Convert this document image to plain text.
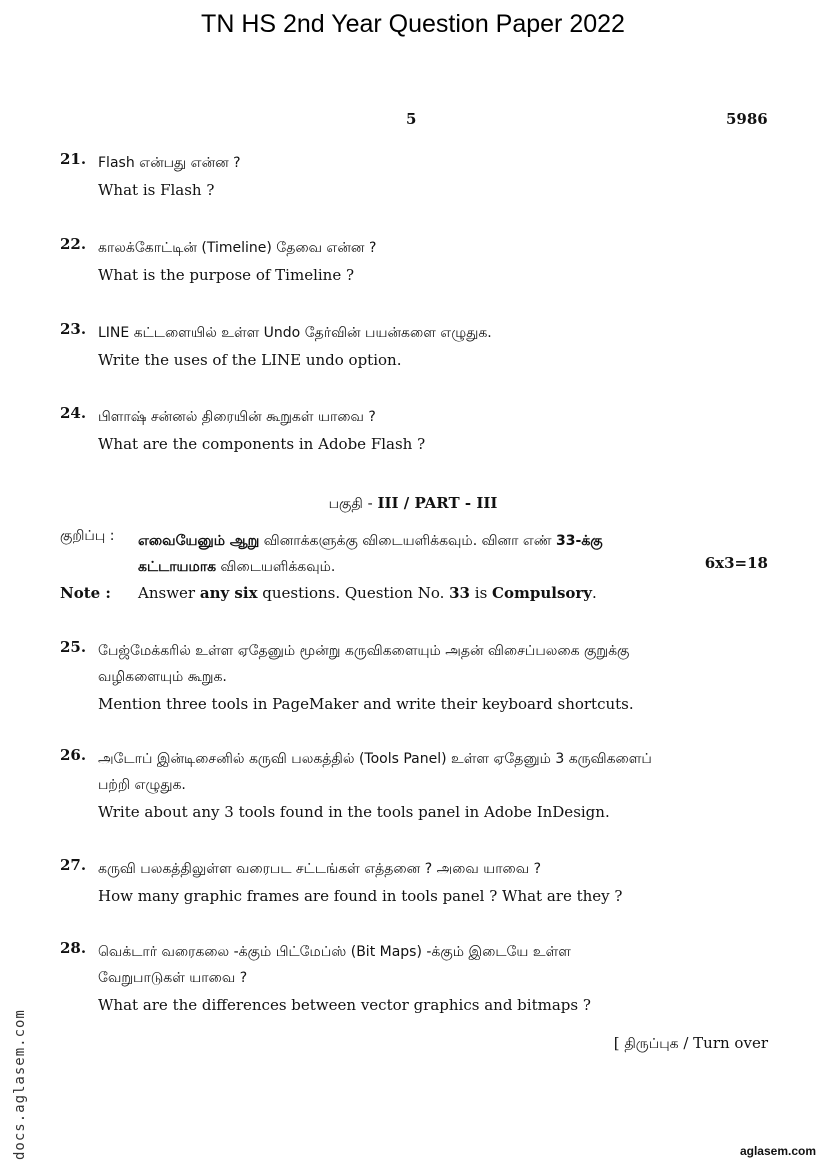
TN HS 2nd Year Question Paper 2022
5	5986
21. Flash என்பது என்ன ?
What is Flash ?
22. காலக்கோட்டின் (Timeline) தேவை என்ன ?
What is the purpose of Timeline ?
23. LINE கட்டளையில் உள்ள Undo தேர்வின் பயன்களை எழுதுக.
Write the uses of the LINE undo option.
24. பிளாஷ் சன்னல் திரையின் கூறுகள் யாவை ?
What are the components in Adobe Flash ?
பகுதி - III / PART - III
குறிப்பு : எவையேனும் ஆறு வினாக்களுக்கு விடையளிக்கவும். வினா எண் 33-க்கு
கட்டாயமாக விடையளிக்கவும்.	6x3=18
Note : Answer any six questions. Question No. 33 is Compulsory.
25. பேஜ்மேக்கரில் உள்ள ஏதேனும் மூன்று கருவிகளையும் அதன் விசைப்பலகை குறுக்கு
வழிகளையும் கூறுக.
Mention three tools in PageMaker and write their keyboard shortcuts.
26. அடோப் இன்டிசைனில் கருவி பலகத்தில் (Tools Panel) உள்ள ஏதேனும் 3 கருவிகளைப்
பற்றி எழுதுக.
Write about any 3 tools found in the tools panel in Adobe InDesign.
27. கருவி பலகத்திலுள்ள வரைபட சட்டங்கள் எத்தனை ? அவை யாவை ?
How many graphic frames are found in tools panel ? What are they ?
28. வெக்டார் வரைகலை -க்கும் பிட்மேப்ஸ் (Bit Maps) -க்கும் இடையே உள்ள
வேறுபாடுகள் யாவை ?
What are the differences between vector graphics and bitmaps ?
[ திருப்புக / Turn over
docs.aglasem.com	aglasem.com
